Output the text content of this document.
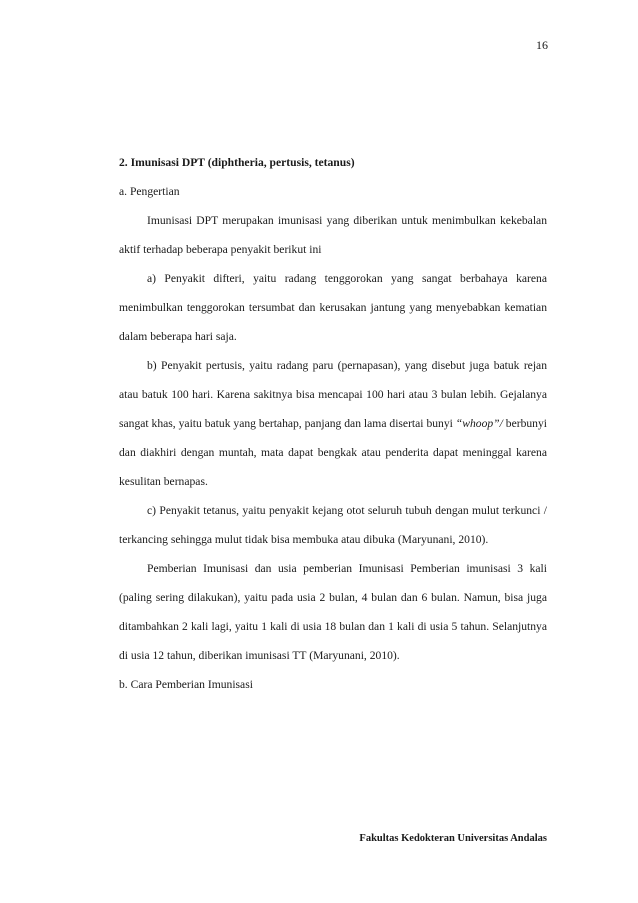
16

2. Imunisasi DPT (diphtheria, pertusis, tetanus)

a. Pengertian

Imunisasi DPT merupakan imunisasi yang diberikan untuk menimbulkan kekebalan aktif terhadap beberapa penyakit berikut ini

a) Penyakit difteri, yaitu radang tenggorokan yang sangat berbahaya karena menimbulkan tenggorokan tersumbat dan kerusakan jantung yang menyebabkan kematian dalam beberapa hari saja.

b) Penyakit pertusis, yaitu radang paru (pernapasan), yang disebut juga batuk rejan atau batuk 100 hari. Karena sakitnya bisa mencapai 100 hari atau 3 bulan lebih. Gejalanya sangat khas, yaitu batuk yang bertahap, panjang dan lama disertai bunyi “whoop”/ berbunyi dan diakhiri dengan muntah, mata dapat bengkak atau penderita dapat meninggal karena kesulitan bernapas.

c) Penyakit tetanus, yaitu penyakit kejang otot seluruh tubuh dengan mulut terkunci / terkancing sehingga mulut tidak bisa membuka atau dibuka (Maryunani, 2010).

Pemberian Imunisasi dan usia pemberian Imunisasi Pemberian imunisasi 3 kali (paling sering dilakukan), yaitu pada usia 2 bulan, 4 bulan dan 6 bulan. Namun, bisa juga ditambahkan 2 kali lagi, yaitu 1 kali di usia 18 bulan dan 1 kali di usia 5 tahun. Selanjutnya di usia 12 tahun, diberikan imunisasi TT (Maryunani, 2010).

b. Cara Pemberian Imunisasi

Fakultas Kedokteran Universitas Andalas
